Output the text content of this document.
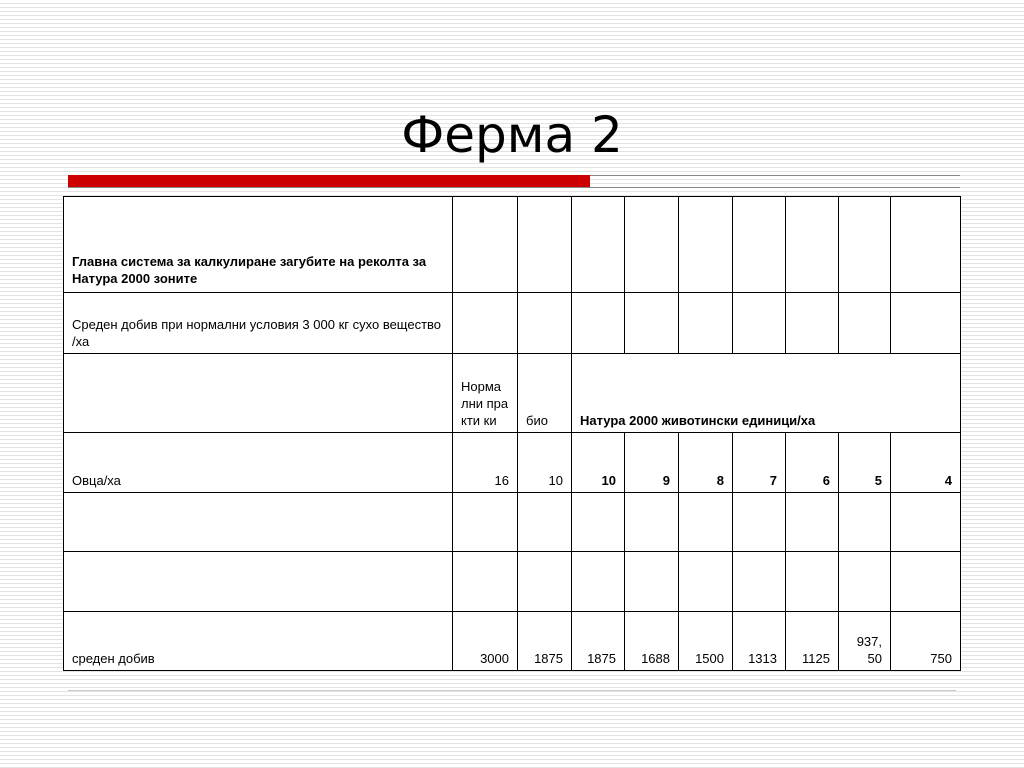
Ферма 2
Главна система за калкулиране загубите на реколта за Натура 2000 зоните									
Среден добив при нормални условия 3 000 кг сухо вещество /ха									
	Норма лни практи ки	био	Натура 2000 животински единици/ха						
Овца/ха	16	10	10	9	8	7	6	5	4

среден добив	3000	1875	1875	1688	1500	1313	1125	937, 50	750
